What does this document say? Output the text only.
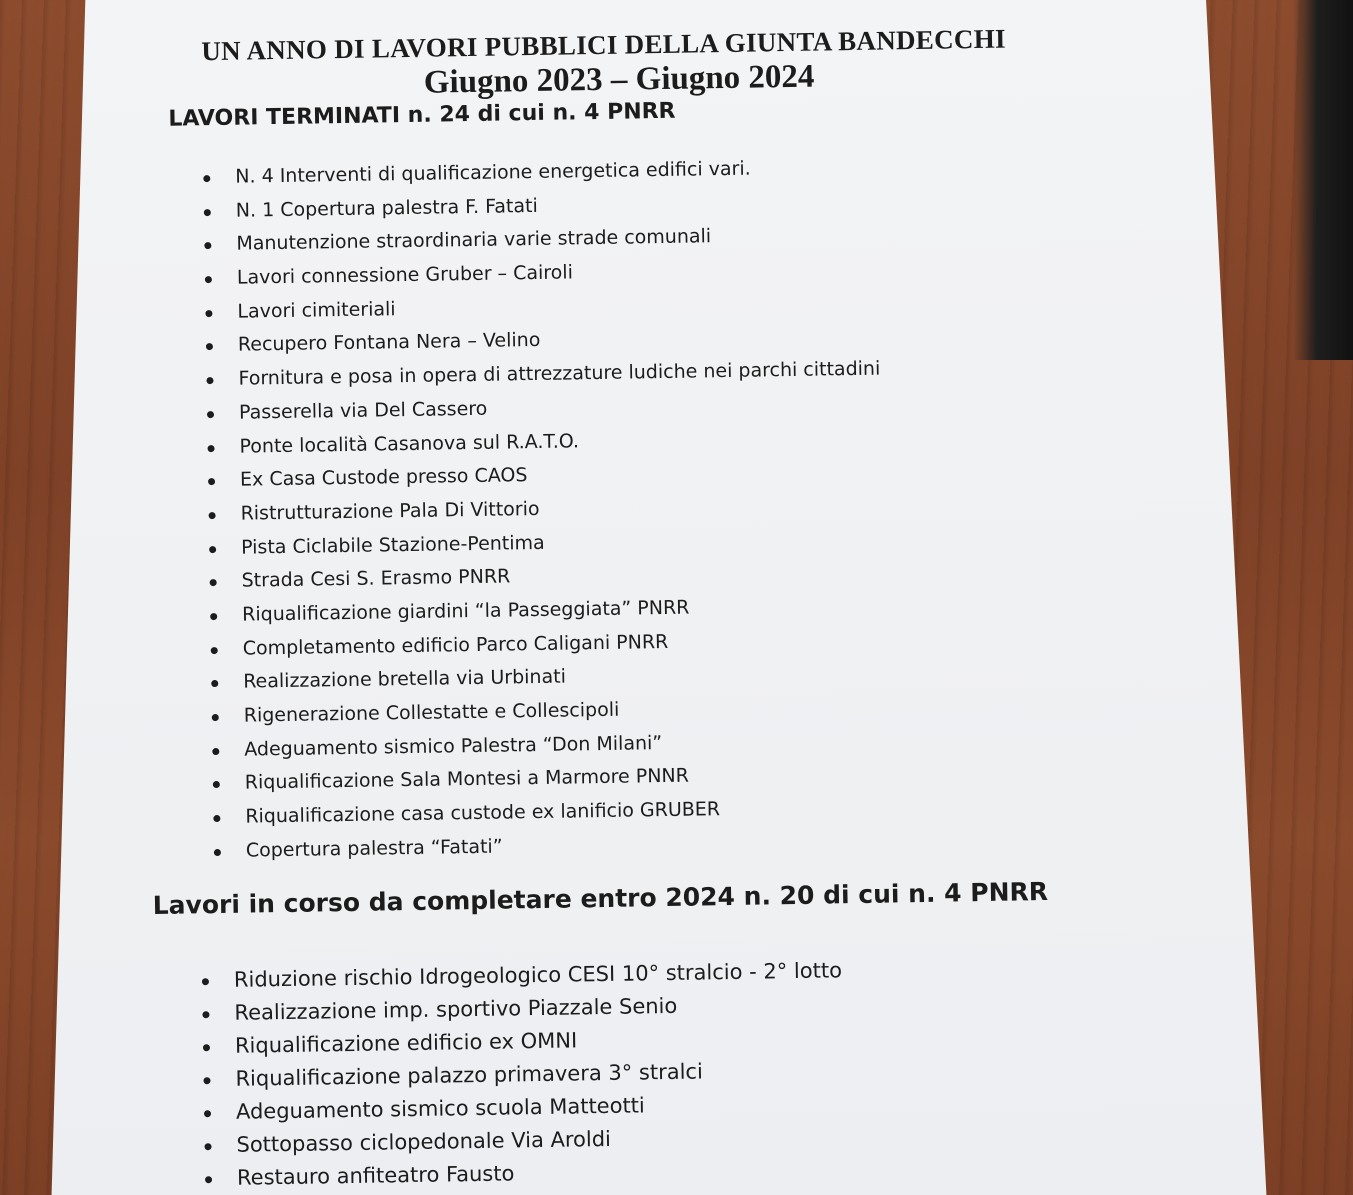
UN ANNO DI LAVORI PUBBLICI DELLA GIUNTA BANDECCHI
Giugno 2023 – Giugno 2024
LAVORI TERMINATI n. 24 di cui n. 4 PNRR
N. 4 Interventi di qualificazione energetica edifici vari.
N. 1 Copertura palestra F. Fatati
Manutenzione straordinaria varie strade comunali
Lavori connessione Gruber – Cairoli
Lavori cimiteriali
Recupero Fontana Nera – Velino
Fornitura e posa in opera di attrezzature ludiche nei parchi cittadini
Passerella via Del Cassero
Ponte località Casanova sul R.A.T.O.
Ex Casa Custode presso CAOS
Ristrutturazione Pala Di Vittorio
Pista Ciclabile Stazione-Pentima
Strada Cesi S. Erasmo PNRR
Riqualificazione giardini “la Passeggiata” PNRR
Completamento edificio Parco Caligani PNRR
Realizzazione bretella via Urbinati
Rigenerazione Collestatte e Collescipoli
Adeguamento sismico Palestra “Don Milani”
Riqualificazione Sala Montesi a Marmore PNNR
Riqualificazione casa custode ex lanificio GRUBER
Copertura palestra “Fatati”
Lavori in corso da completare entro 2024 n. 20 di cui n. 4 PNRR
Riduzione rischio Idrogeologico CESI 10° stralcio - 2° lotto
Realizzazione imp. sportivo Piazzale Senio
Riqualificazione edificio ex OMNI
Riqualificazione palazzo primavera 3° stralci
Adeguamento sismico scuola Matteotti
Sottopasso ciclopedonale Via Aroldi
Restauro anfiteatro Fausto
